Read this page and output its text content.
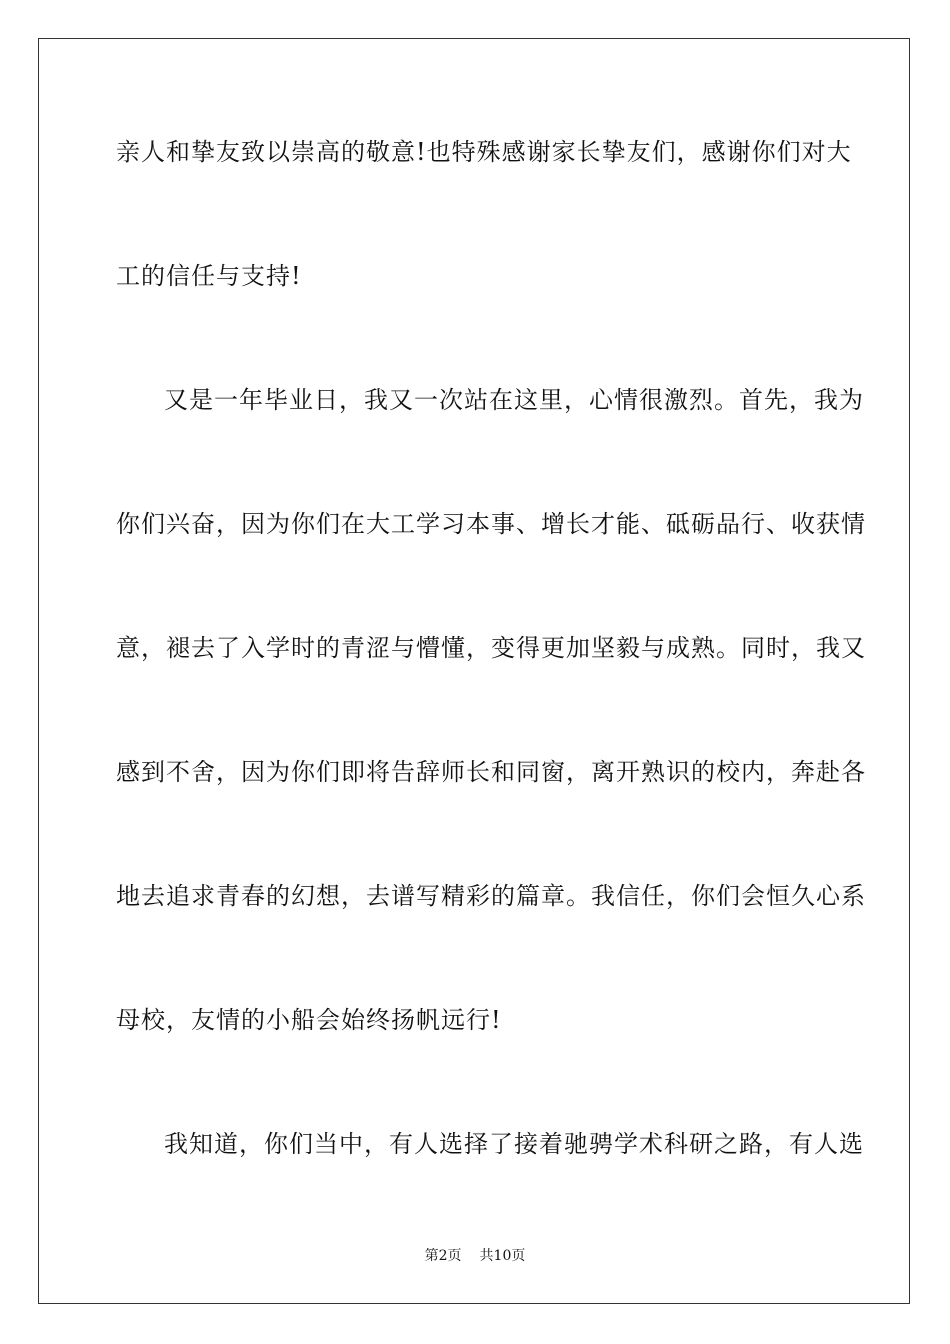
亲人和挚友致以崇高的敬意!也特殊感谢家长挚友们，感谢你们对大
工的信任与支持!
又是一年毕业日，我又一次站在这里，心情很激烈。首先，我为
你们兴奋，因为你们在大工学习本事、增长才能、砥砺品行、收获情
意，褪去了入学时的青涩与懵懂，变得更加坚毅与成熟。同时，我又
感到不舍，因为你们即将告辞师长和同窗，离开熟识的校内，奔赴各
地去追求青春的幻想，去谱写精彩的篇章。我信任，你们会恒久心系
母校，友情的小船会始终扬帆远行!
我知道，你们当中，有人选择了接着驰骋学术科研之路，有人选
第2页 共10页
